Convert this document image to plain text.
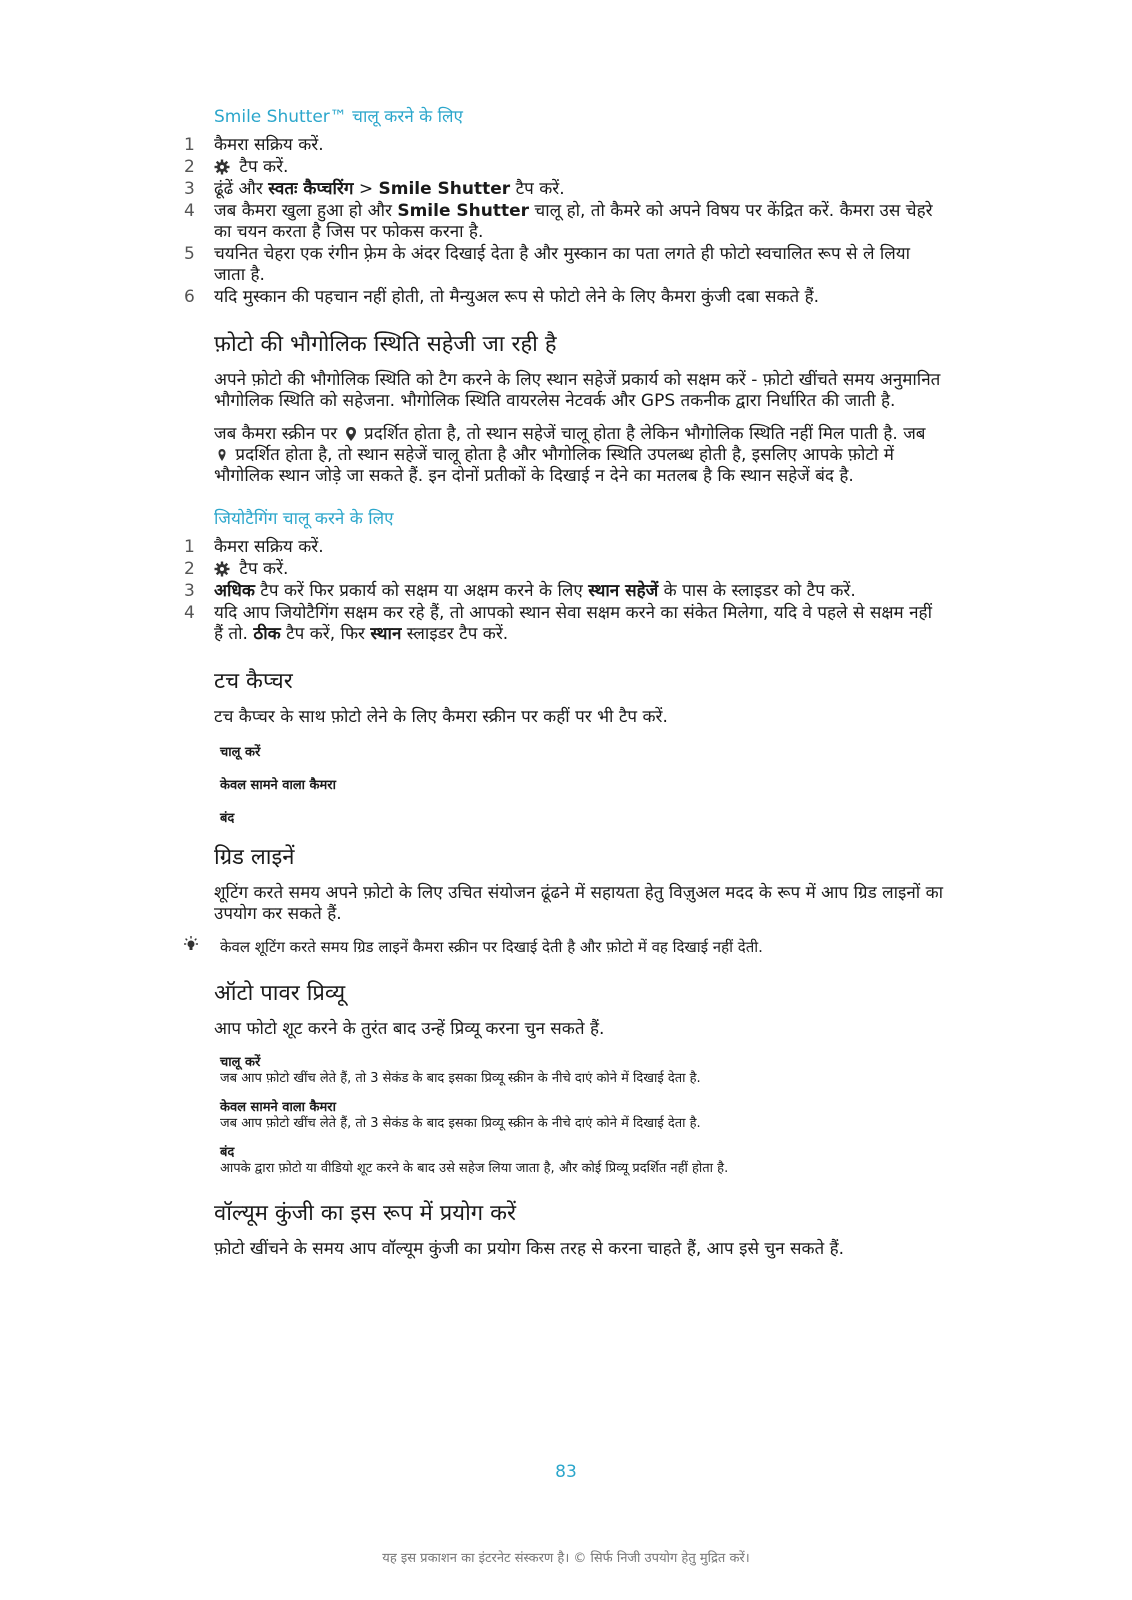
Smile Shutter™ चालू करने के लिए
1 कैमरा सक्रिय करें.
2	टैप करें.
3 ढूंढें और स्वतः कैप्चरिंग > Smile Shutter टैप करें.
4 जब कैमरा खुला हुआ हो और Smile Shutter चालू हो, तो कैमरे को अपने विषय पर केंद्रित करें. कैमरा उस चेहरे का चयन करता है जिस पर फोकस करना है.
5 चयनित चेहरा एक रंगीन फ़्रेम के अंदर दिखाई देता है और मुस्कान का पता लगते ही फोटो स्वचालित रूप से ले लिया जाता है.
6 यदि मुस्कान की पहचान नहीं होती, तो मैन्युअल रूप से फोटो लेने के लिए कैमरा कुंजी दबा सकते हैं.
फ़ोटो की भौगोलिक स्थिति सहेजी जा रही है

अपने फ़ोटो की भौगोलिक स्थिति को टैग करने के लिए स्थान सहेजें प्रकार्य को सक्षम करें - फ़ोटो खींचते समय अनुमानित भौगोलिक स्थिति को सहेजना. भौगोलिक स्थिति वायरलेस नेटवर्क और GPS तकनीक द्वारा निर्धारित की जाती है.

जब कैमरा स्क्रीन पर  प्रदर्शित होता है, तो स्थान सहेजें चालू होता है लेकिन भौगोलिक स्थिति नहीं मिल पाती है. जब  प्रदर्शित होता है, तो स्थान सहेजें चालू होता है और भौगोलिक स्थिति उपलब्ध होती है, इसलिए आपके फ़ोटो में भौगोलिक स्थान जोड़े जा सकते हैं. इन दोनों प्रतीकों के दिखाई न देने का मतलब है कि स्थान सहेजें बंद है.

जियोटैगिंग चालू करने के लिए
1 कैमरा सक्रिय करें.
2	टैप करें.
3 अधिक टैप करें फिर प्रकार्य को सक्षम या अक्षम करने के लिए स्थान सहेजें के पास के स्लाइडर को टैप करें.
4 यदि आप जियोटैगिंग सक्षम कर रहे हैं, तो आपको स्थान सेवा सक्षम करने का संकेत मिलेगा, यदि वे पहले से सक्षम नहीं हैं तो. ठीक टैप करें, फिर स्थान स्लाइडर टैप करें.
टच कैप्चर

टच कैप्चर के साथ फ़ोटो लेने के लिए कैमरा स्क्रीन पर कहीं पर भी टैप करें.

चालू करें
केवल सामने वाला कैमरा
बंद
ग्रिड लाइनें

शूटिंग करते समय अपने फ़ोटो के लिए उचित संयोजन ढूंढने में सहायता हेतु विज़ुअल मदद के रूप में आप ग्रिड लाइनों का उपयोग कर सकते हैं.

केवल शूटिंग करते समय ग्रिड लाइनें कैमरा स्क्रीन पर दिखाई देती है और फ़ोटो में वह दिखाई नहीं देती.
ऑटो पावर प्रिव्यू

आप फोटो शूट करने के तुरंत बाद उन्हें प्रिव्यू करना चुन सकते हैं.

चालू करें
जब आप फ़ोटो खींच लेते हैं, तो 3 सेकंड के बाद इसका प्रिव्यू स्क्रीन के नीचे दाएं कोने में दिखाई देता है.
केवल सामने वाला कैमरा
जब आप फ़ोटो खींच लेते हैं, तो 3 सेकंड के बाद इसका प्रिव्यू स्क्रीन के नीचे दाएं कोने में दिखाई देता है.
बंद
आपके द्वारा फ़ोटो या वीडियो शूट करने के बाद उसे सहेज लिया जाता है, और कोई प्रिव्यू प्रदर्शित नहीं होता है.
वॉल्यूम कुंजी का इस रूप में प्रयोग करें

फ़ोटो खींचने के समय आप वॉल्यूम कुंजी का प्रयोग किस तरह से करना चाहते हैं, आप इसे चुन सकते हैं.

83
यह इस प्रकाशन का इंटरनेट संस्करण है। © सिर्फ निजी उपयोग हेतु मुद्रित करें।
